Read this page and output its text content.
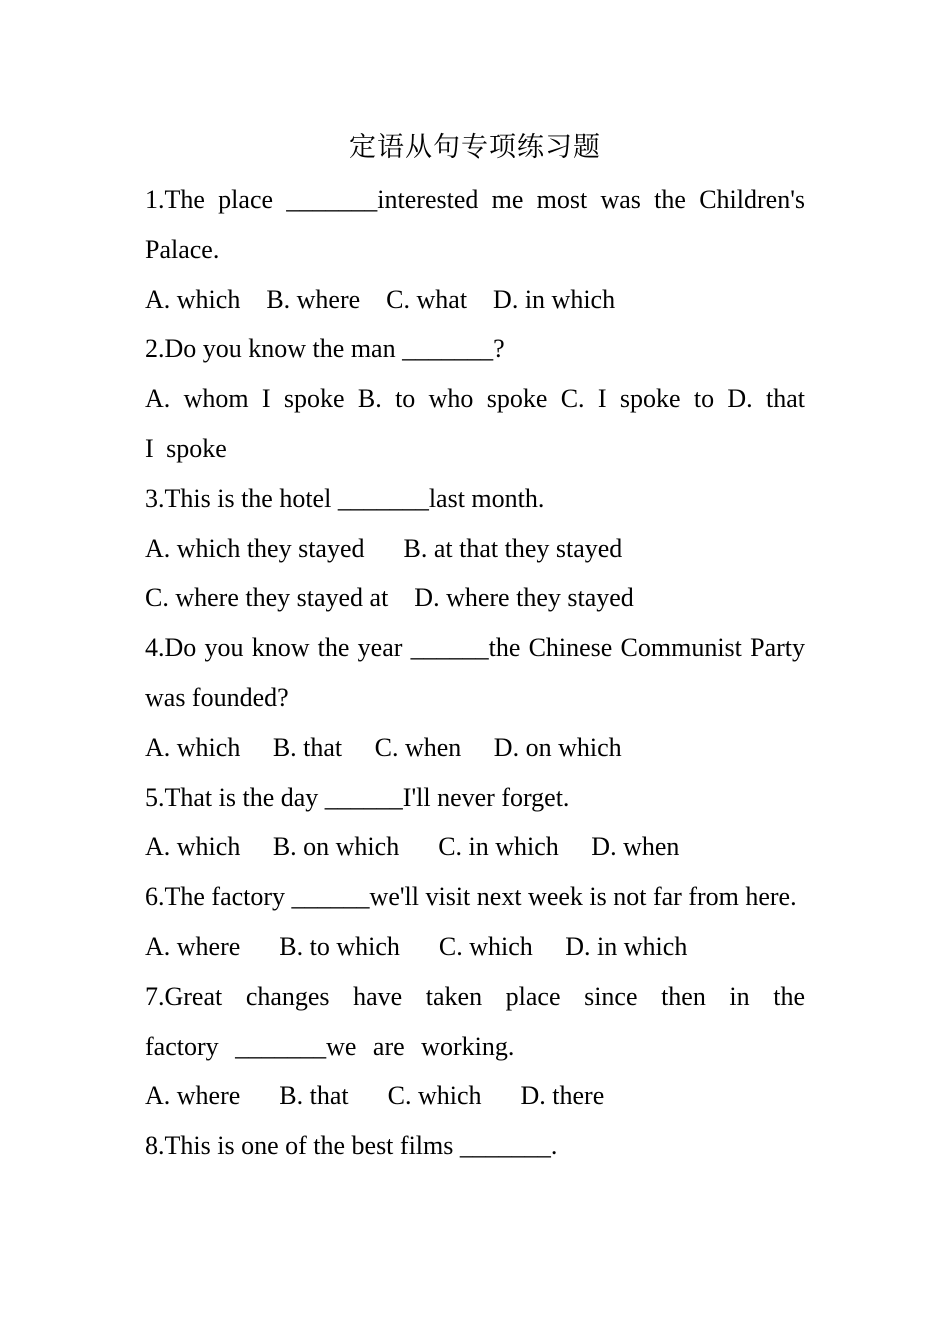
定语从句专项练习题

1.The place _______interested me most was the Children's Palace.

A. which    B. where    C. what    D. in which

2.Do you know the man _______?

A. whom I spoke B. to who spoke C. I spoke to D. that I spoke

3.This is the hotel _______last month.

A. which they stayed      B. at that they stayed

C. where they stayed at    D. where they stayed

4.Do you know the year ______the Chinese Communist Party was founded?

A. which     B. that     C. when     D. on which

5.That is the day ______I'll never forget.

A. which     B. on which      C. in which     D. when

6.The factory ______we'll visit next week is not far from here.

A. where      B. to which      C. which     D. in which

7.Great changes have taken place since then in the factory _______we are working.

A. where      B. that      C. which      D. there

8.This is one of the best films _______.
